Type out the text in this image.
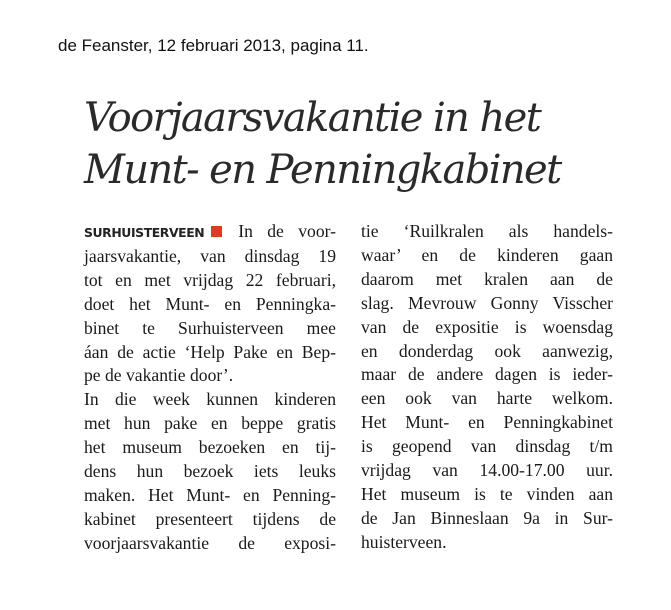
de Feanster, 12 februari 2013, pagina 11.
Voorjaarsvakantie in het
Munt- en Penningkabinet

SURHUISTERVEEN In de voor-

jaarsvakantie, van dinsdag 19

tot en met vrijdag 22 februari,

doet het Munt- en Penningka-

binet te Surhuisterveen mee

áan de actie ‘Help Pake en Bep-

pe de vakantie door’.

In die week kunnen kinderen

met hun pake en beppe gratis

het museum bezoeken en tij-

dens hun bezoek iets leuks

maken. Het Munt- en Penning-

kabinet presenteert tijdens de

voorjaarsvakantie de exposi-

tie ‘Ruilkralen als handels-

waar’ en de kinderen gaan

daarom met kralen aan de

slag. Mevrouw Gonny Visscher

van de expositie is woensdag

en donderdag ook aanwezig,

maar de andere dagen is ieder-

een ook van harte welkom.

Het Munt- en Penningkabinet

is geopend van dinsdag t/m

vrijdag van 14.00-17.00 uur.

Het museum is te vinden aan

de Jan Binneslaan 9a in Sur-

huisterveen.
